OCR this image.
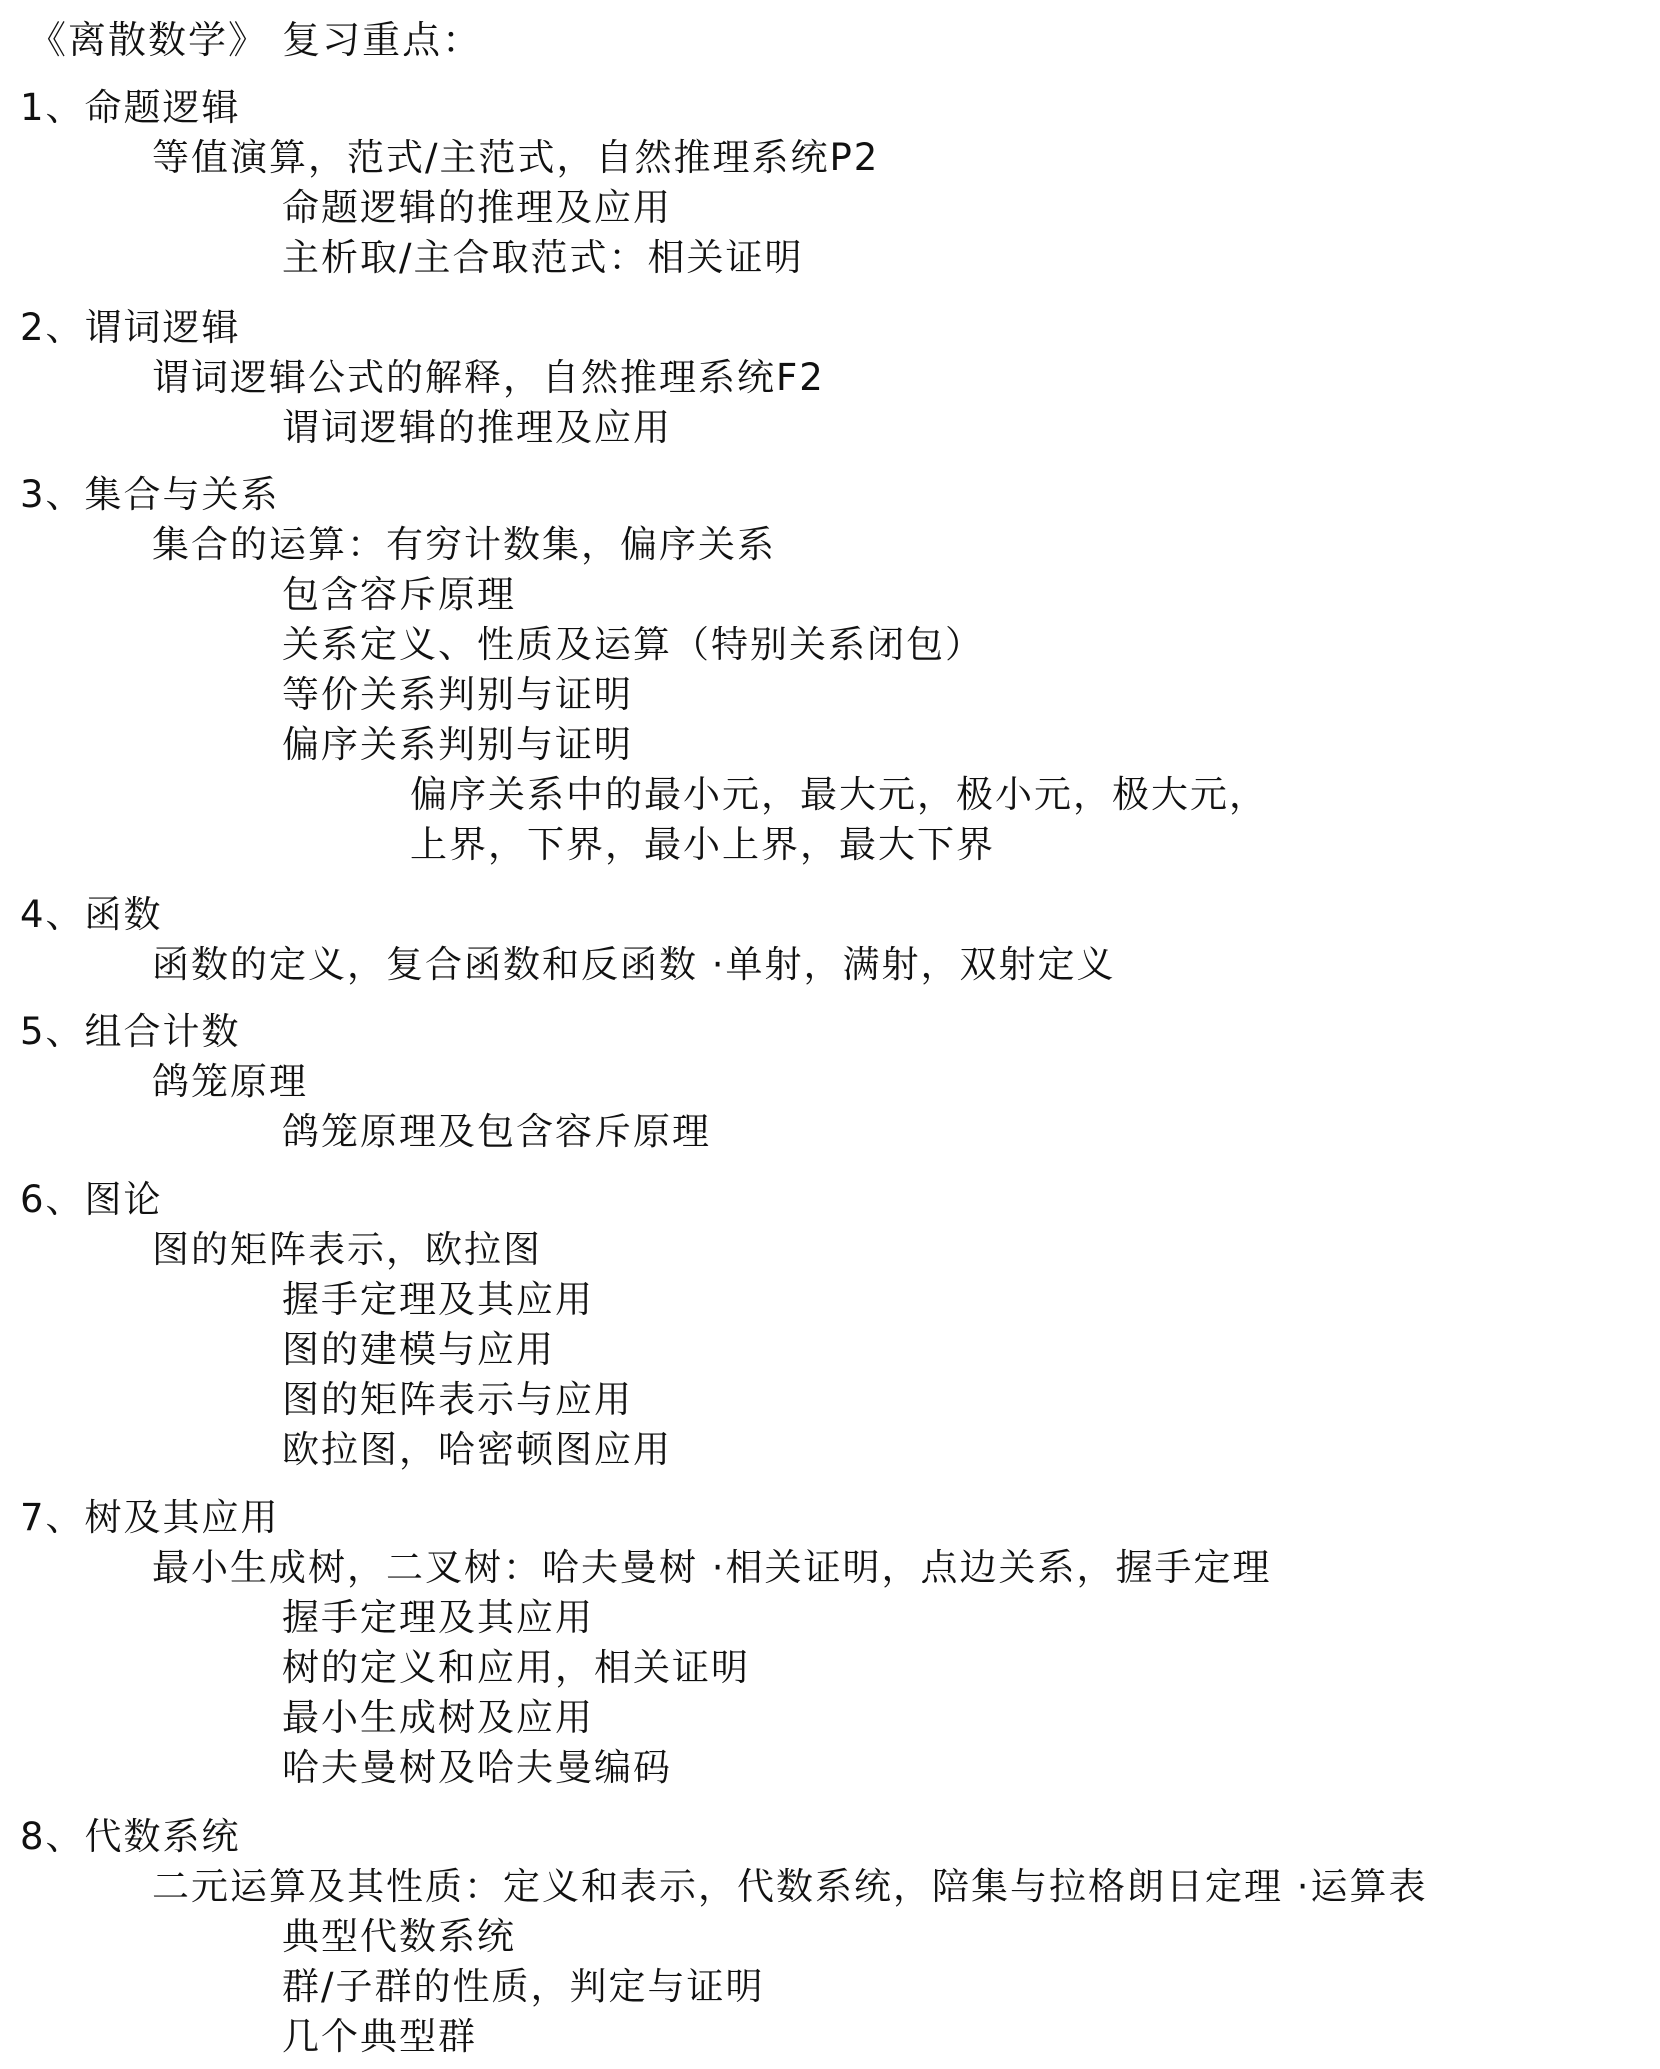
《离散数学》 复习重点：
1、命题逻辑
等值演算，范式/主范式，自然推理系统P2
命题逻辑的推理及应用
主析取/主合取范式：相关证明
2、谓词逻辑
谓词逻辑公式的解释，自然推理系统F2
谓词逻辑的推理及应用
3、集合与关系
集合的运算：有穷计数集，偏序关系
包含容斥原理
关系定义、性质及运算（特别关系闭包）
等价关系判别与证明
偏序关系判别与证明
偏序关系中的最小元，最大元，极小元，极大元，
上界，下界，最小上界，最大下界
4、函数
函数的定义，复合函数和反函数 ·单射，满射，双射定义
5、组合计数
鸽笼原理
鸽笼原理及包含容斥原理
6、图论
图的矩阵表示，欧拉图
握手定理及其应用
图的建模与应用
图的矩阵表示与应用
欧拉图，哈密顿图应用
7、树及其应用
最小生成树，二叉树：哈夫曼树 ·相关证明，点边关系，握手定理
握手定理及其应用
树的定义和应用，相关证明
最小生成树及应用
哈夫曼树及哈夫曼编码
8、代数系统
二元运算及其性质：定义和表示，代数系统，陪集与拉格朗日定理 ·运算表
典型代数系统
群/子群的性质，判定与证明
几个典型群
